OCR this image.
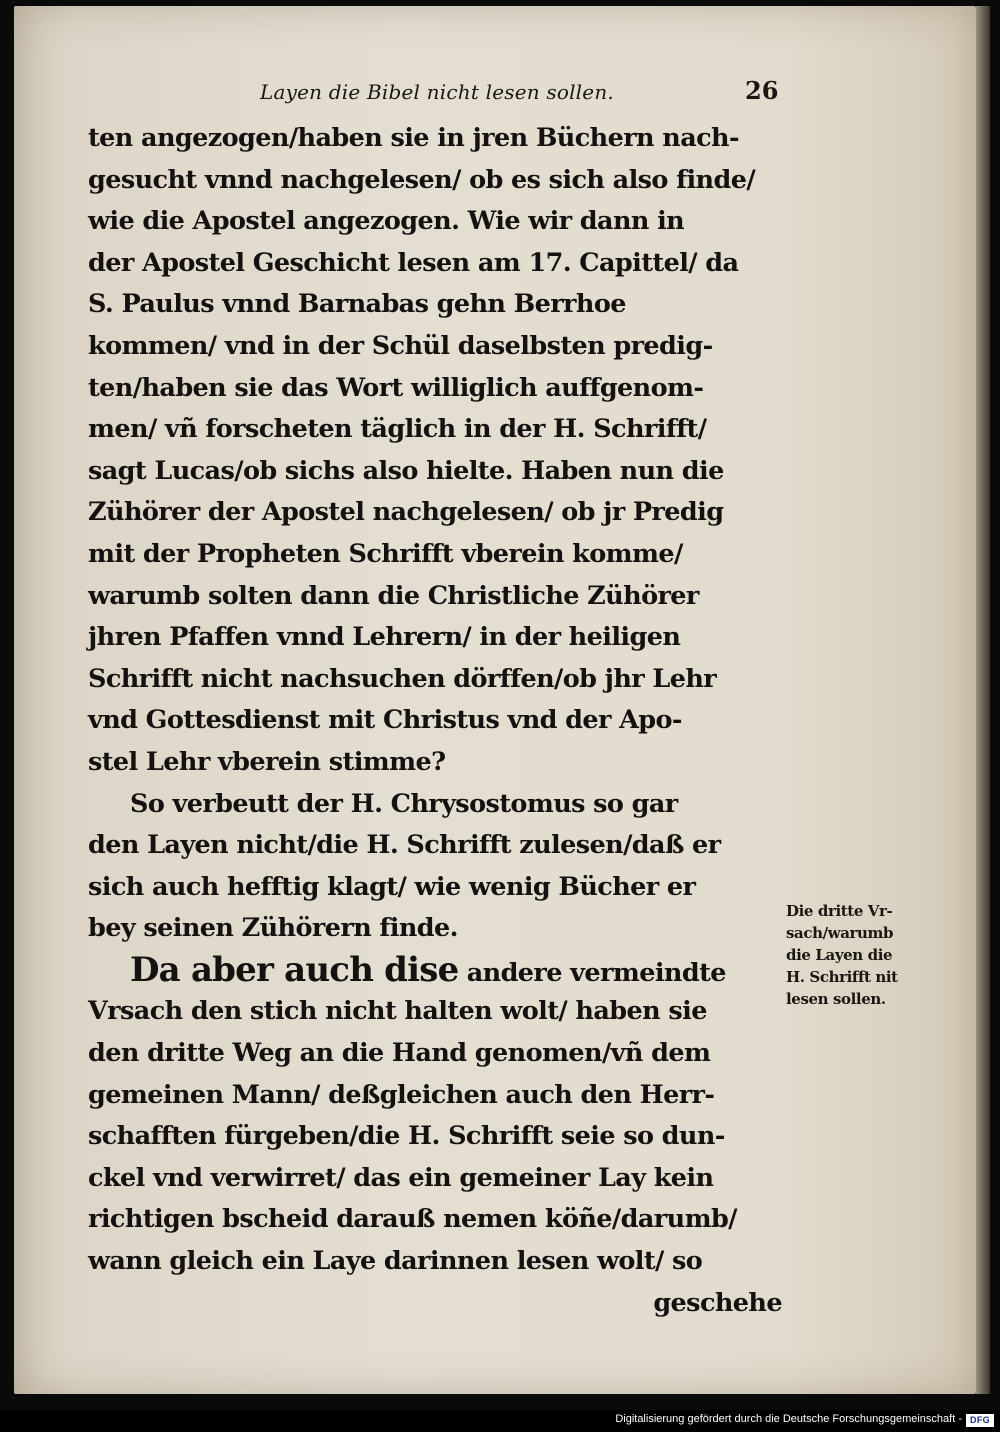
Layen die Bibel nicht lesen sollen.	26
ten angezogen/haben sie in jren Büchern nach-
gesucht vnnd nachgelesen/ ob es sich also finde/
wie die Apostel angezogen. Wie wir dann in
der Apostel Geschicht lesen am 17. Capittel/ da
S. Paulus vnnd Barnabas gehn Berrhoe
kommen/ vnd in der Schül daselbsten predig-
ten/haben sie das Wort williglich auffgenom-
men/ vñ forscheten täglich in der H. Schrifft/
sagt Lucas/ob sichs also hielte. Haben nun die
Zühörer der Apostel nachgelesen/ ob jr Predig
mit der Propheten Schrifft vberein komme/
warumb solten dann die Christliche Zühörer
jhren Pfaffen vnnd Lehrern/ in der heiligen
Schrifft nicht nachsuchen dörffen/ob jhr Lehr
vnd Gottesdienst mit Christus vnd der Apo-
stel Lehr vberein stimme?
So verbeutt der H. Chrysostomus so gar
den Layen nicht/die H. Schrifft zulesen/daß er
sich auch hefftig klagt/ wie wenig Bücher er
bey seinen Zühörern finde.
Da aber auch dise andere vermeindte
Vrsach den stich nicht halten wolt/ haben sie
den dritte Weg an die Hand genomen/vñ dem
gemeinen Mann/ deßgleichen auch den Herr-
schafften fürgeben/die H. Schrifft seie so dun-
ckel vnd verwirret/ das ein gemeiner Lay kein
richtigen bscheid darauß nemen köñe/darumb/
wann gleich ein Laye darinnen lesen wolt/ so
geschehe
Die dritte Vr-
sach/warumb
die Layen die
H. Schrifft nit
lesen sollen.
Digitalisierung gefördert durch die Deutsche Forschungsgemeinschaft - DFG
